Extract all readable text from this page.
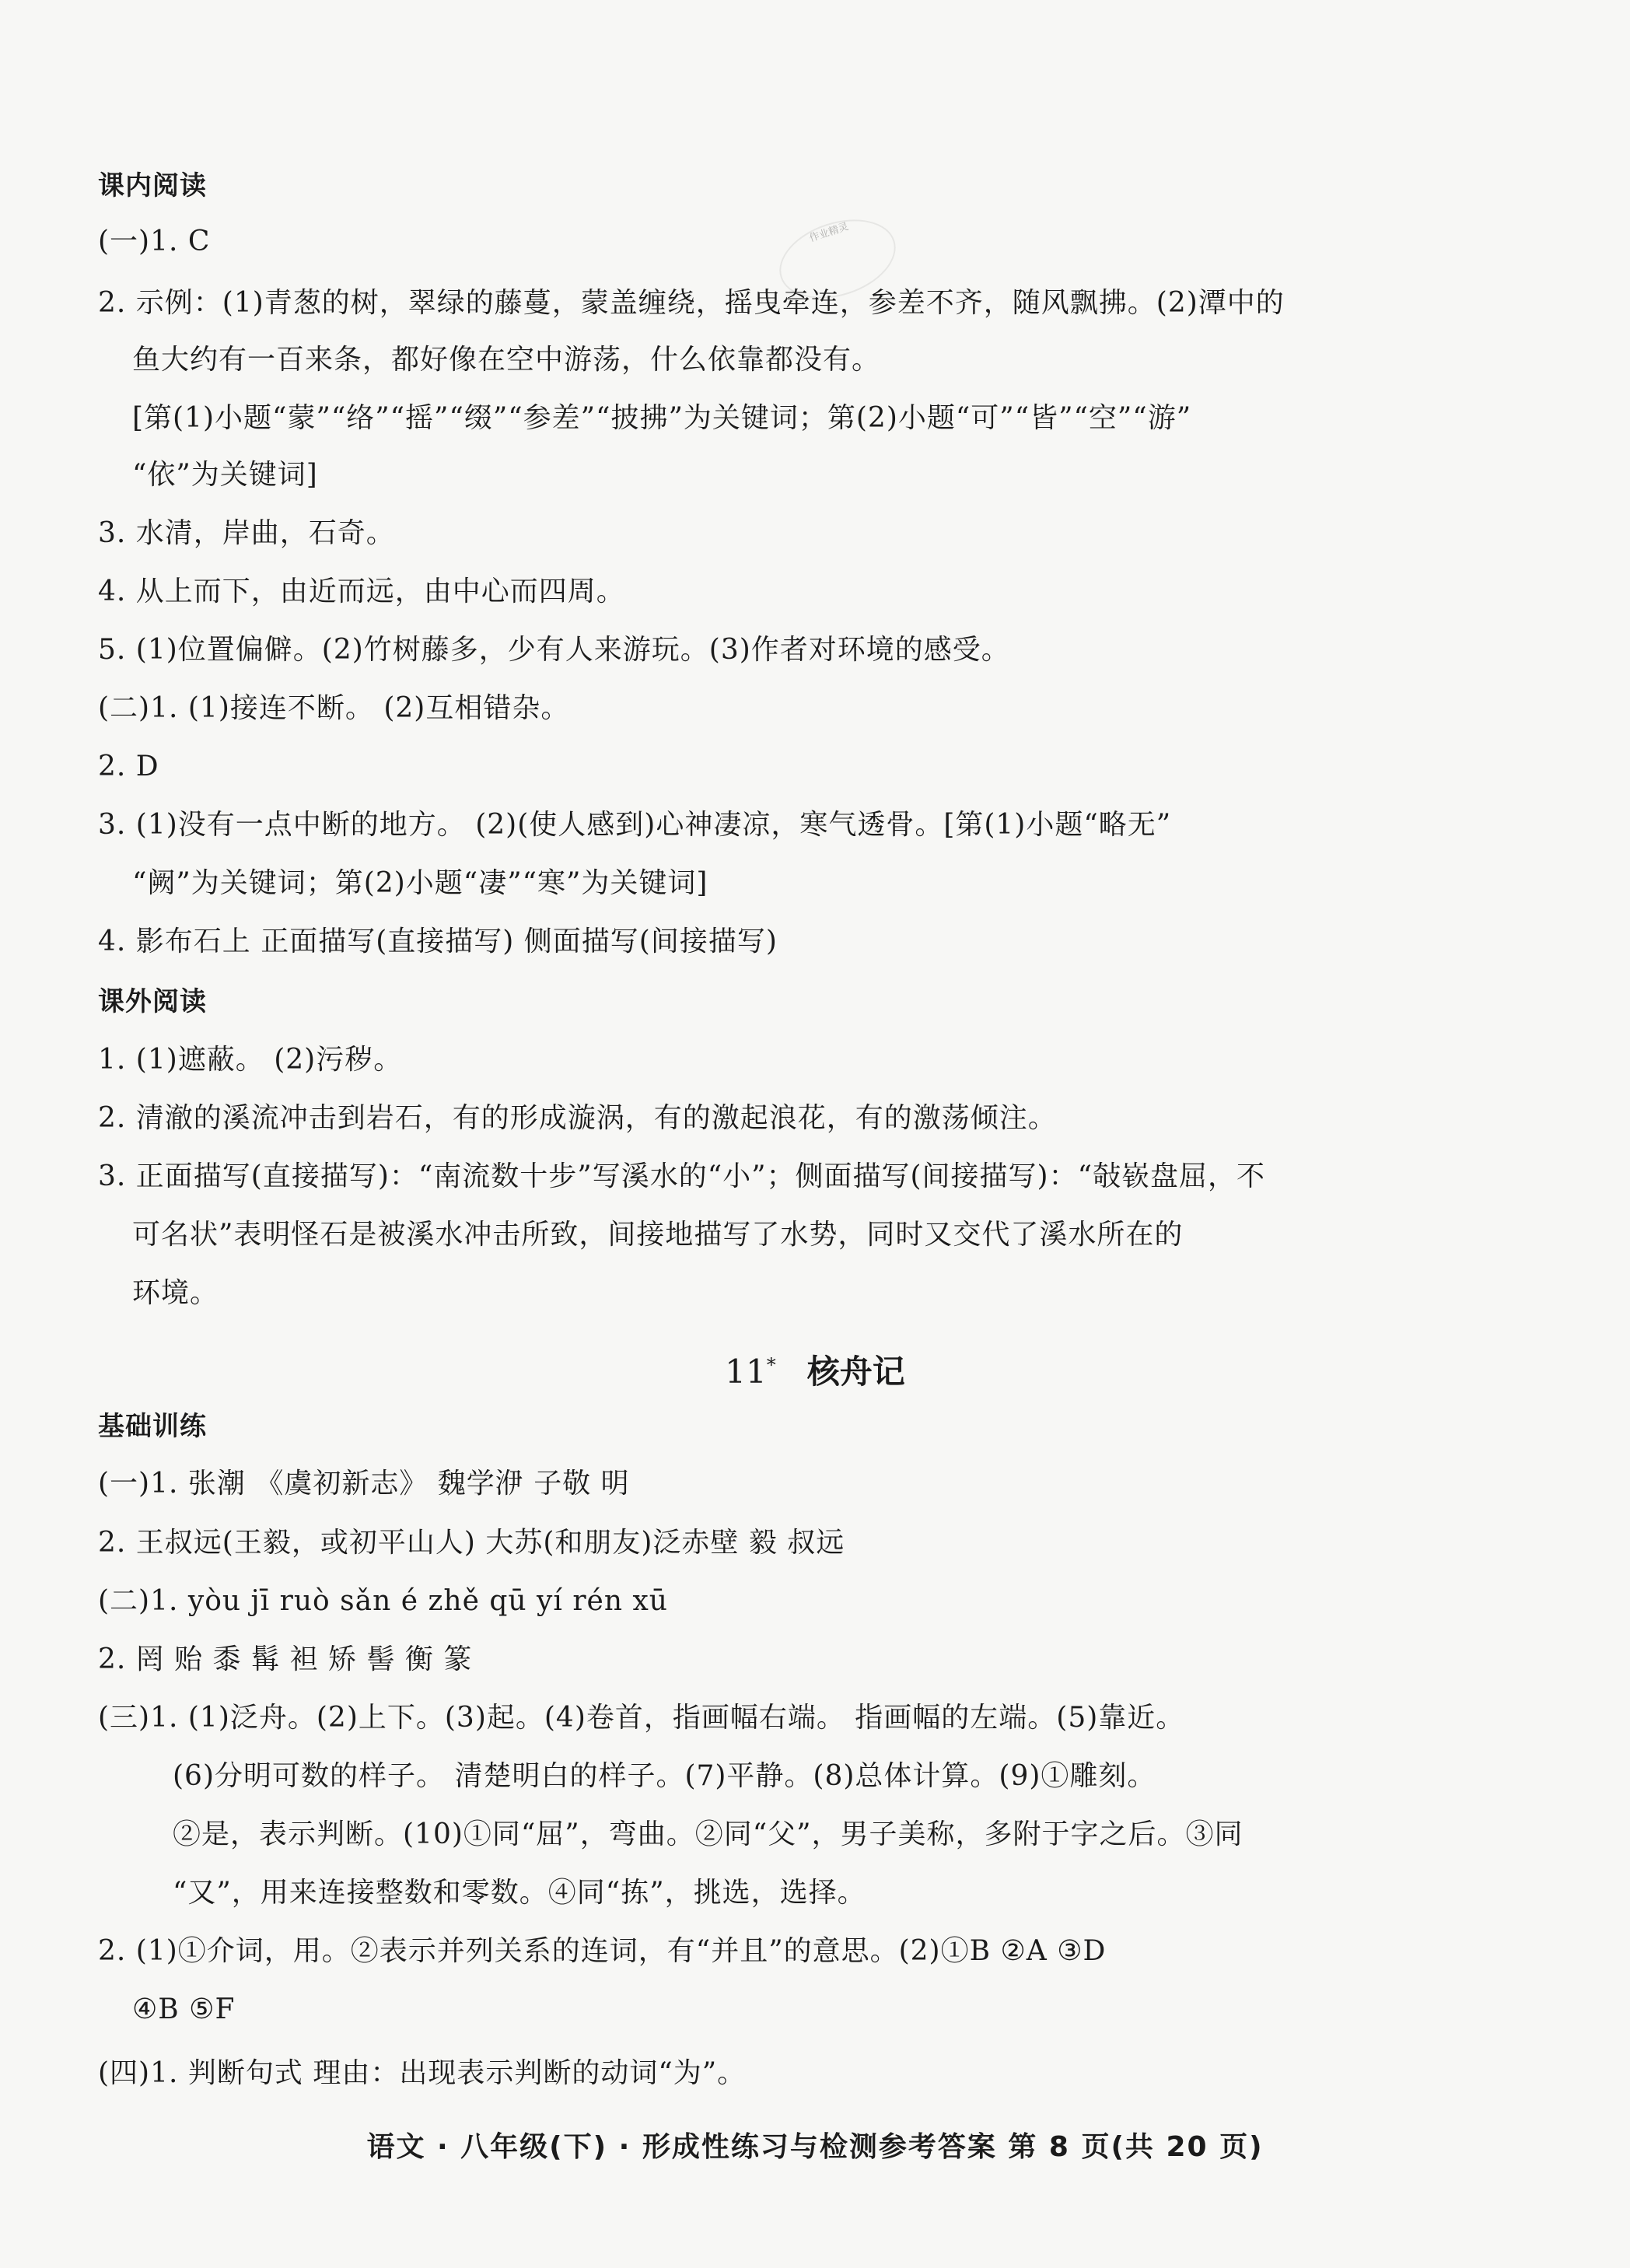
作业精灵
课内阅读
(一)1. C
2. 示例：(1)青葱的树，翠绿的藤蔓，蒙盖缠绕，摇曳牵连，参差不齐，随风飘拂。(2)潭中的
鱼大约有一百来条，都好像在空中游荡，什么依靠都没有。
[第(1)小题“蒙”“络”“摇”“缀”“参差”“披拂”为关键词；第(2)小题“可”“皆”“空”“游”
“依”为关键词]
3. 水清，岸曲，石奇。
4. 从上而下，由近而远，由中心而四周。
5. (1)位置偏僻。(2)竹树藤多，少有人来游玩。(3)作者对环境的感受。
(二)1. (1)接连不断。 (2)互相错杂。
2. D
3. (1)没有一点中断的地方。 (2)(使人感到)心神凄凉，寒气透骨。[第(1)小题“略无”
“阙”为关键词；第(2)小题“凄”“寒”为关键词]
4. 影布石上 正面描写(直接描写) 侧面描写(间接描写)
课外阅读
1. (1)遮蔽。 (2)污秽。
2. 清澈的溪流冲击到岩石，有的形成漩涡，有的激起浪花，有的激荡倾注。
3. 正面描写(直接描写)：“南流数十步”写溪水的“小”；侧面描写(间接描写)：“敧嵚盘屈，不
可名状”表明怪石是被溪水冲击所致，间接地描写了水势，同时又交代了溪水所在的
环境。
11* 核舟记
基础训练
(一)1. 张潮 《虞初新志》 魏学洢 子敬 明
2. 王叔远(王毅，或初平山人) 大苏(和朋友)泛赤壁 毅 叔远
(二)1. yòu jī ruò sǎn é zhě qū yí rén xū
2. 罔 贻 黍 髯 袒 矫 髻 衡 篆
(三)1. (1)泛舟。(2)上下。(3)起。(4)卷首，指画幅右端。 指画幅的左端。(5)靠近。
(6)分明可数的样子。 清楚明白的样子。(7)平静。(8)总体计算。(9)①雕刻。
②是，表示判断。(10)①同“屈”，弯曲。②同“父”，男子美称，多附于字之后。③同
“又”，用来连接整数和零数。④同“拣”，挑选，选择。
2. (1)①介词，用。②表示并列关系的连词，有“并且”的意思。(2)①B ②A ③D
④B ⑤F
(四)1. 判断句式 理由：出现表示判断的动词“为”。
语文 · 八年级(下) · 形成性练习与检测参考答案 第 8 页(共 20 页)
